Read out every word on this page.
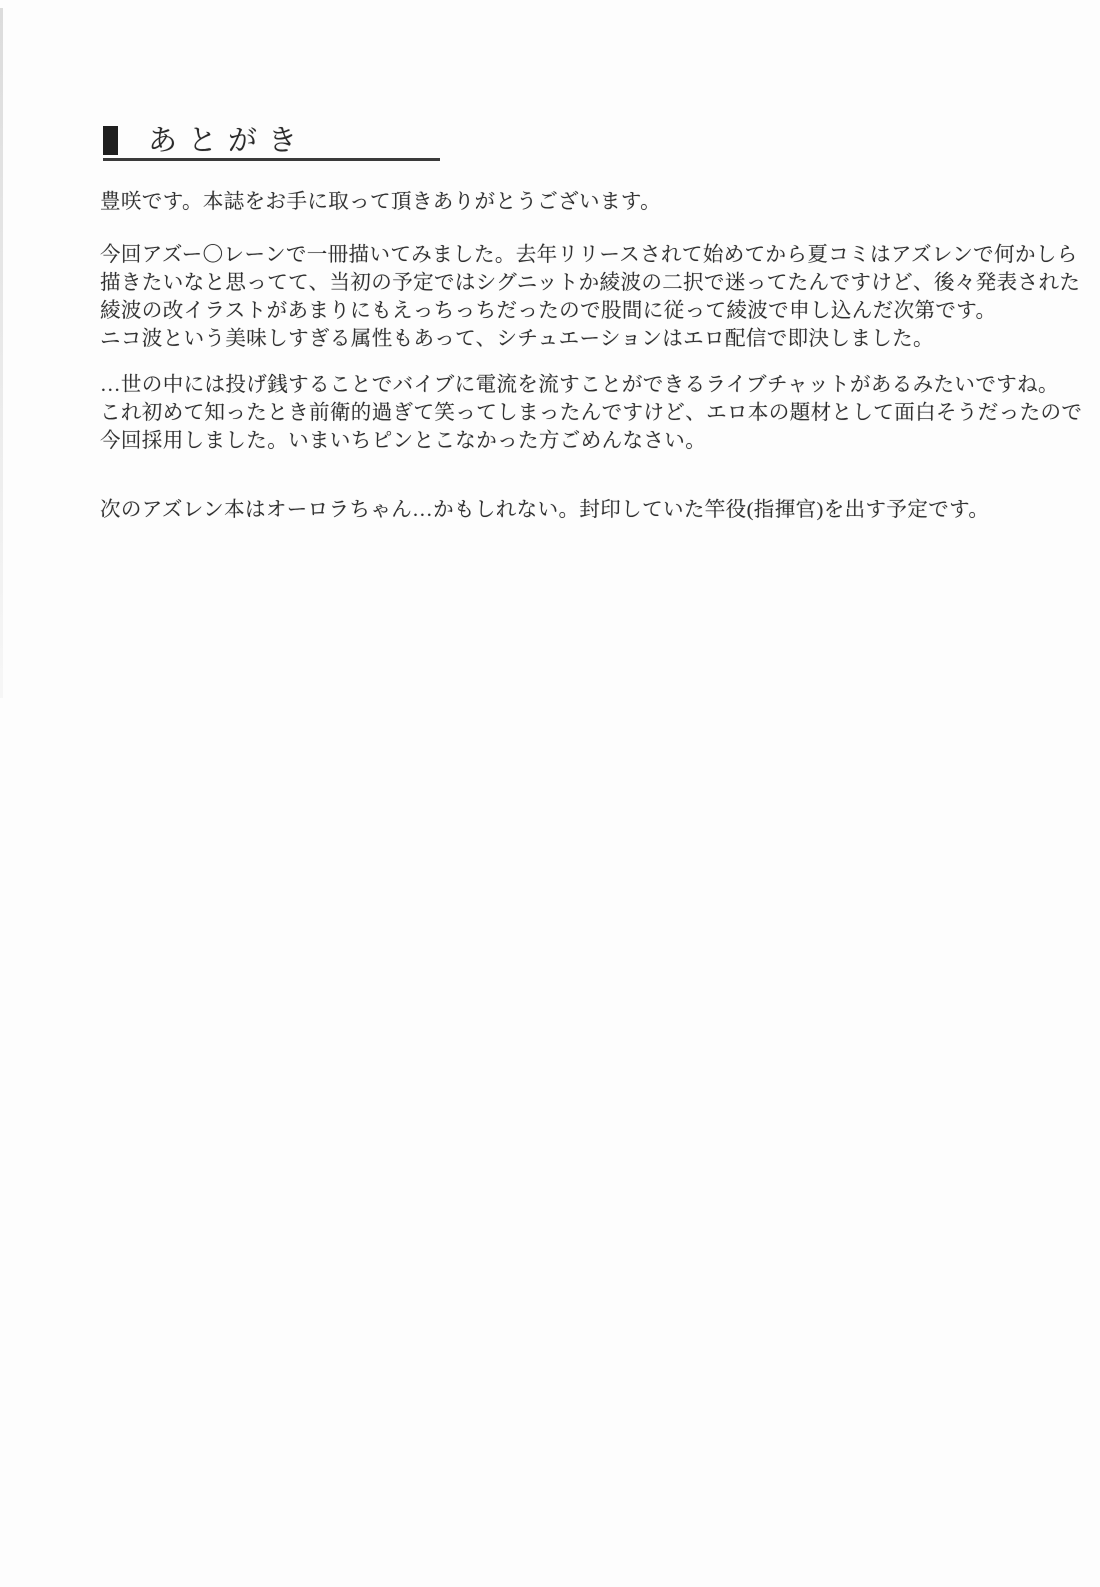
あとがき
豊咲です。本誌をお手に取って頂きありがとうございます。
今回アズー〇レーンで一冊描いてみました。去年リリースされて始めてから夏コミはアズレンで何かしら
描きたいなと思ってて、当初の予定ではシグニットか綾波の二択で迷ってたんですけど、後々発表された
綾波の改イラストがあまりにもえっちっちだったので股間に従って綾波で申し込んだ次第です。
ニコ波という美味しすぎる属性もあって、シチュエーションはエロ配信で即決しました。
…世の中には投げ銭することでバイブに電流を流すことができるライブチャットがあるみたいですね。
これ初めて知ったとき前衛的過ぎて笑ってしまったんですけど、エロ本の題材として面白そうだったので
今回採用しました。いまいちピンとこなかった方ごめんなさい。
次のアズレン本はオーロラちゃん…かもしれない。封印していた竿役(指揮官)を出す予定です。
